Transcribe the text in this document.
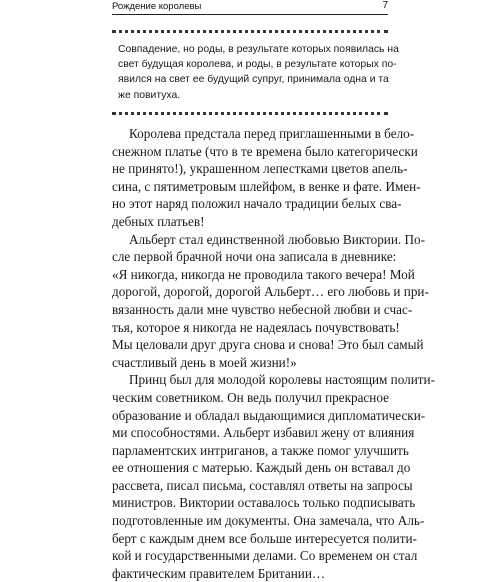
Рождение королевы	7
Совпадение, но роды, в результате которых появилась на
свет будущая королева, и роды, в результате которых по-
явился на свет ее будущий супруг, принимала одна и та
же повитуха.
Королева предстала перед приглашенными в бело-
снежном платье (что в те времена было категорически
не принято!), украшенном лепестками цветов апель-
сина, с пятиметровым шлейфом, в венке и фате. Имен-
но этот наряд положил начало традиции белых сва-
дебных платьев!
Альберт стал единственной любовью Виктории. По-
сле первой брачной ночи она записала в дневнике:
«Я никогда, никогда не проводила такого вечера! Мой
дорогой, дорогой, дорогой Альберт… его любовь и при-
вязанность дали мне чувство небесной любви и счас-
тья, которое я никогда не надеялась почувствовать!
Мы целовали друг друга снова и снова! Это был самый
счастливый день в моей жизни!»
Принц был для молодой королевы настоящим полити-
ческим советником. Он ведь получил прекрасное
образование и обладал выдающимися дипломатически-
ми способностями. Альберт избавил жену от влияния
парламентских интриганов, а также помог улучшить
ее отношения с матерью. Каждый день он вставал до
рассвета, писал письма, составлял ответы на запросы
министров. Виктории оставалось только подписывать
подготовленные им документы. Она замечала, что Аль-
берт с каждым днем все больше интересуется полити-
кой и государственными делами. Со временем он стал
фактическим правителем Британии…
